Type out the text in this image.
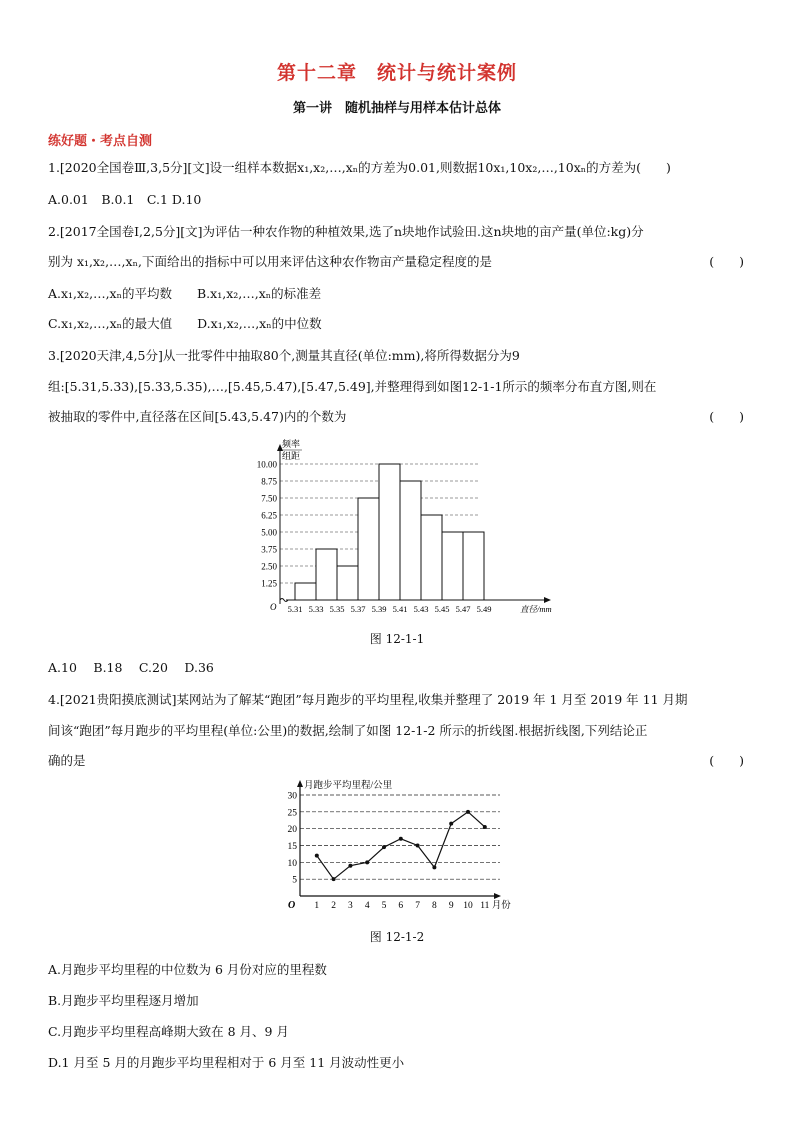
第十二章　统计与统计案例
第一讲　随机抽样与用样本估计总体
练好题・考点自测
1.[2020全国卷Ⅲ,3,5分][文]设一组样本数据x₁,x₂,…,xₙ的方差为0.01,则数据10x₁,10x₂,…,10xₙ的方差为(　　)
A.0.01　B.0.1　C.1 D.10
2.[2017全国卷Ⅰ,2,5分][文]为评估一种农作物的种植效果,选了n块地作试验田.这n块地的亩产量(单位:kg)分
别为 x₁,x₂,…,xₙ,下面给出的指标中可以用来评估这种农作物亩产量稳定程度的是	(　　)
A.x₁,x₂,…,xₙ的平均数　　B.x₁,x₂,…,xₙ的标准差
C.x₁,x₂,…,xₙ的最大值　　D.x₁,x₂,…,xₙ的中位数
3.[2020天津,4,5分]从一批零件中抽取80个,测量其直径(单位:mm),将所得数据分为9
组:[5.31,5.33),[5.33,5.35),…,[5.45,5.47),[5.47,5.49],并整理得到如图12-1-1所示的频率分布直方图,则在
被抽取的零件中,直径落在区间[5.43,5.47)内的个数为	(　　)
1.25
2.50
3.75
5.00
6.25
7.50
8.75
10.00
O
频率
组距
5.31 5.33 5.35 5.37 5.39 5.41 5.43 5.45 5.47 5.49	直径/mm
图 12-1-1
A.10　 B.18　 C.20　 D.36
4.[2021贵阳摸底测试]某网站为了解某“跑团”每月跑步的平均里程,收集并整理了 2019 年 1 月至 2019 年 11 月期
间该“跑团”每月跑步的平均里程(单位:公里)的数据,绘制了如图 12-1-2 所示的折线图.根据折线图,下列结论正
确的是	(　　)
5
10
15
20
25
30
月跑步平均里程/公里
O 1 2 3 4 5 6 7 8 9 10 11 月份
图 12-1-2
A.月跑步平均里程的中位数为 6 月份对应的里程数
B.月跑步平均里程逐月增加
C.月跑步平均里程高峰期大致在 8 月、9 月
D.1 月至 5 月的月跑步平均里程相对于 6 月至 11 月波动性更小
